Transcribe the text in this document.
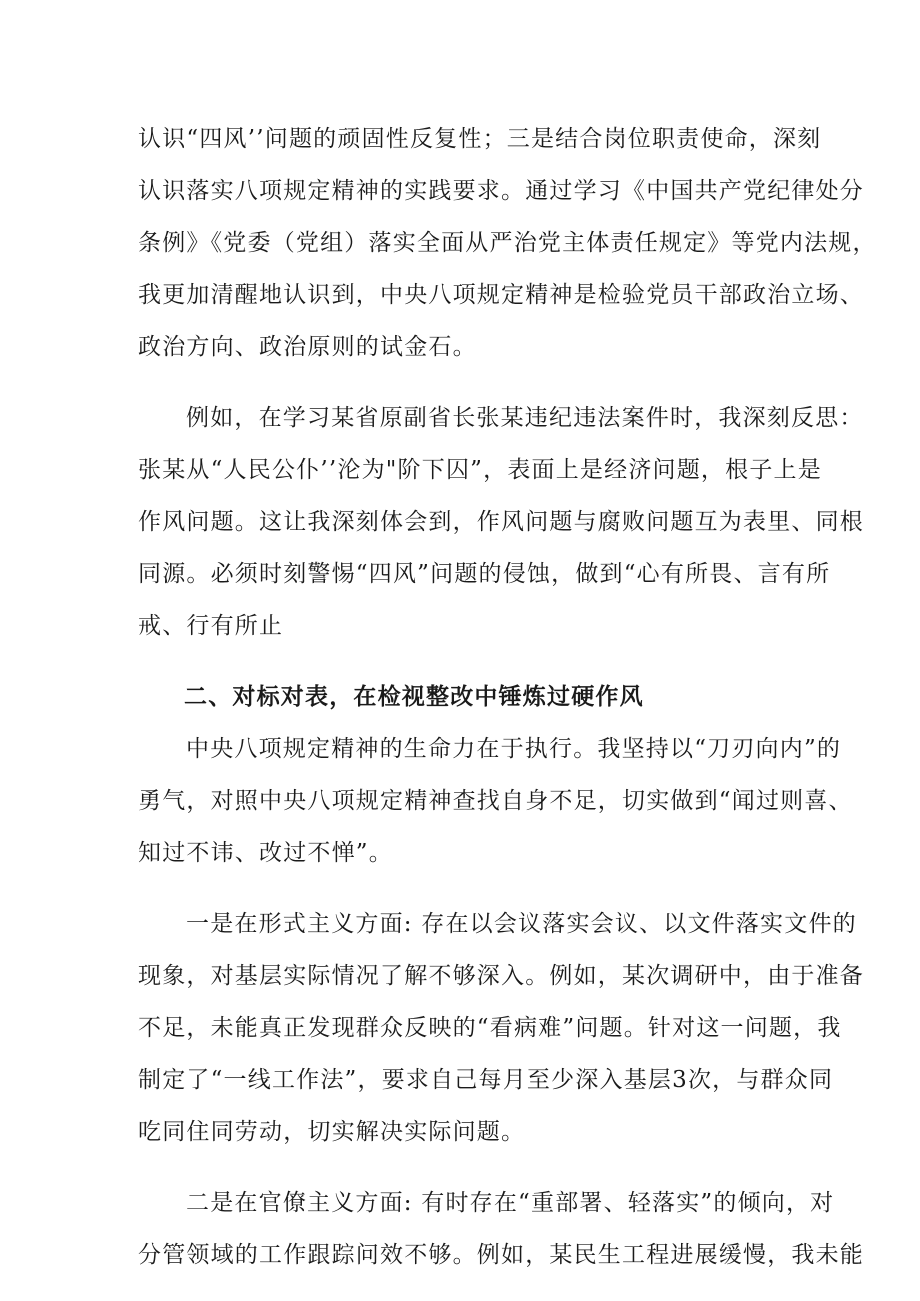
认识“四风’’问题的顽固性反复性；三是结合岗位职责使命，深刻
认识落实八项规定精神的实践要求。通过学习《中国共产党纪律处分
条例》《党委（党组）落实全面从严治党主体责任规定》等党内法规，
我更加清醒地认识到，中央八项规定精神是检验党员干部政治立场、
政治方向、政治原则的试金石。
例如，在学习某省原副省长张某违纪违法案件时，我深刻反思：
张某从“人民公仆’’沦为"阶下囚”，表面上是经济问题，根子上是
作风问题。这让我深刻体会到，作风问题与腐败问题互为表里、同根
同源。必须时刻警惕“四风”问题的侵蚀，做到“心有所畏、言有所
戒、行有所止
二、对标对表，在检视整改中锤炼过硬作风
中央八项规定精神的生命力在于执行。我坚持以“刀刃向内”的
勇气，对照中央八项规定精神查找自身不足，切实做到“闻过则喜、
知过不讳、改过不惮”。
一是在形式主义方面: 存在以会议落实会议、以文件落实文件的
现象，对基层实际情况了解不够深入。例如，某次调研中，由于准备
不足，未能真正发现群众反映的“看病难”问题。针对这一问题，我
制定了“一线工作法”，要求自己每月至少深入基层3次，与群众同
吃同住同劳动，切实解决实际问题。
二是在官僚主义方面: 有时存在“重部署、轻落实”的倾向，对
分管领域的工作跟踪问效不够。例如，某民生工程进展缓慢，我未能
